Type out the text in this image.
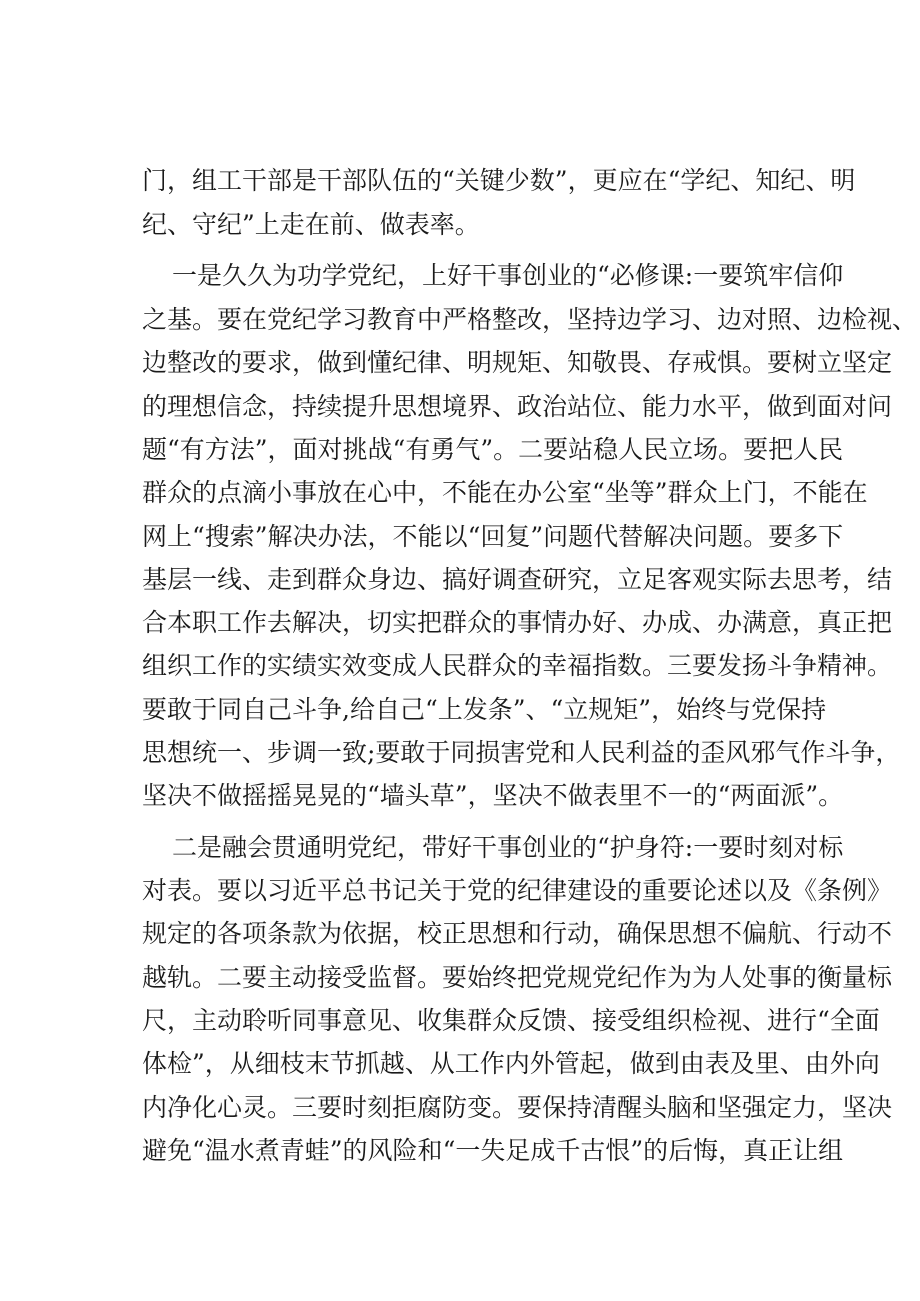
门，组工干部是干部队伍的“关键少数”，更应在“学纪、知纪、明
纪、守纪”上走在前、做表率。
一是久久为功学党纪，上好干事创业的“必修课:一要筑牢信仰
之基。要在党纪学习教育中严格整改，坚持边学习、边对照、边检视、
边整改的要求，做到懂纪律、明规矩、知敬畏、存戒惧。要树立坚定
的理想信念，持续提升思想境界、政治站位、能力水平，做到面对问
题“有方法”，面对挑战“有勇气”。二要站稳人民立场。要把人民
群众的点滴小事放在心中，不能在办公室“坐等”群众上门，不能在
网上“搜索”解决办法，不能以“回复”问题代替解决问题。要多下
基层一线、走到群众身边、搞好调查研究，立足客观实际去思考，结
合本职工作去解决，切实把群众的事情办好、办成、办满意，真正把
组织工作的实绩实效变成人民群众的幸福指数。三要发扬斗争精神。
要敢于同自己斗争,给自己“上发条”、“立规矩”，始终与党保持
思想统一、步调一致;要敢于同损害党和人民利益的歪风邪气作斗争，
坚决不做摇摇晃晃的“墙头草”，坚决不做表里不一的“两面派”。
二是融会贯通明党纪，带好干事创业的“护身符:一要时刻对标
对表。要以习近平总书记关于党的纪律建设的重要论述以及《条例》
规定的各项条款为依据，校正思想和行动，确保思想不偏航、行动不
越轨。二要主动接受监督。要始终把党规党纪作为为人处事的衡量标
尺，主动聆听同事意见、收集群众反馈、接受组织检视、进行“全面
体检”，从细枝末节抓越、从工作内外管起，做到由表及里、由外向
内净化心灵。三要时刻拒腐防变。要保持清醒头脑和坚强定力，坚决
避免“温水煮青蛙”的风险和“一失足成千古恨”的后悔，真正让组
